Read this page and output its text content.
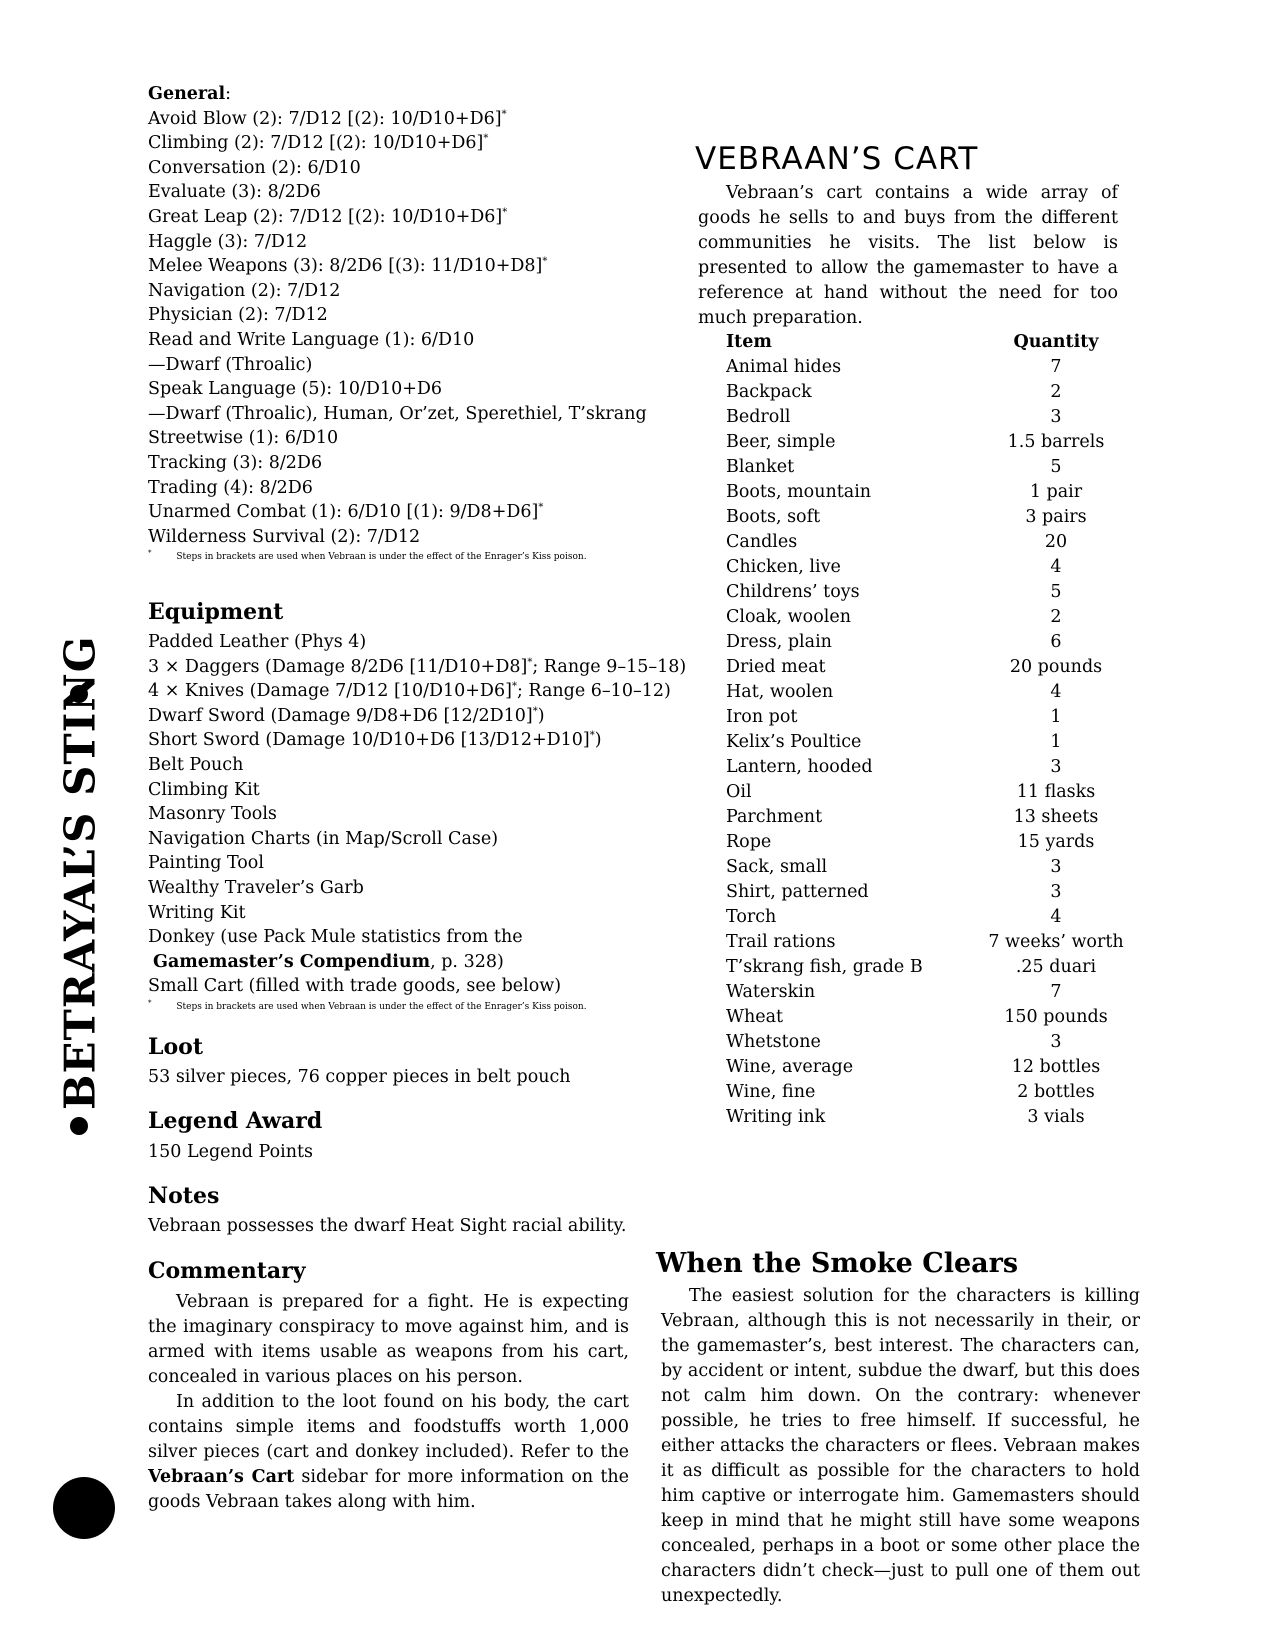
BETRAYAL’S STING
General:
Avoid Blow (2): 7/D12 [(2): 10/D10+D6]*
Climbing (2): 7/D12 [(2): 10/D10+D6]*
Conversation (2): 6/D10
Evaluate (3): 8/2D6
Great Leap (2): 7/D12 [(2): 10/D10+D6]*
Haggle (3): 7/D12
Melee Weapons (3): 8/2D6 [(3): 11/D10+D8]*
Navigation (2): 7/D12
Physician (2): 7/D12
Read and Write Language (1): 6/D10
—Dwarf (Throalic)
Speak Language (5): 10/D10+D6
—Dwarf (Throalic), Human, Or’zet, Sperethiel, T’skrang
Streetwise (1): 6/D10
Tracking (3): 8/2D6
Trading (4): 8/2D6
Unarmed Combat (1): 6/D10 [(1): 9/D8+D6]*
Wilderness Survival (2): 7/D12
*	Steps in brackets are used when Vebraan is under the effect of the Enrager’s Kiss poison.
Equipment
Padded Leather (Phys 4)
3 × Daggers (Damage 8/2D6 [11/D10+D8]*; Range 9–15–18)
4 × Knives (Damage 7/D12 [10/D10+D6]*; Range 6–10–12)
Dwarf Sword (Damage 9/D8+D6 [12/2D10]*)
Short Sword (Damage 10/D10+D6 [13/D12+D10]*)
Belt Pouch
Climbing Kit
Masonry Tools
Navigation Charts (in Map/Scroll Case)
Painting Tool
Wealthy Traveler’s Garb
Writing Kit
Donkey (use Pack Mule statistics from the
Gamemaster’s Compendium, p. 328)
Small Cart (filled with trade goods, see below)
*	Steps in brackets are used when Vebraan is under the effect of the Enrager’s Kiss poison.
Loot
53 silver pieces, 76 copper pieces in belt pouch
Legend Award
150 Legend Points
Notes
Vebraan possesses the dwarf Heat Sight racial ability.
Commentary
Vebraan is prepared for a fight. He is expecting the imaginary conspiracy to move against him, and is armed with items usable as weapons from his cart, concealed in various places on his person.
In addition to the loot found on his body, the cart contains simple items and foodstuffs worth 1,000 silver pieces (cart and donkey included). Refer to the Vebraan’s Cart sidebar for more information on the goods Vebraan takes along with him.
VEBRAAN’S CART
Vebraan’s cart contains a wide array of goods he sells to and buys from the different communities he visits. The list below is presented to allow the gamemaster to have a reference at hand without the need for too much preparation.
Item	Quantity
Animal hides	7
Backpack	2
Bedroll	3
Beer, simple	1.5 barrels
Blanket	5
Boots, mountain	1 pair
Boots, soft	3 pairs
Candles	20
Chicken, live	4
Childrens’ toys	5
Cloak, woolen	2
Dress, plain	6
Dried meat	20 pounds
Hat, woolen	4
Iron pot	1
Kelix’s Poultice	1
Lantern, hooded	3
Oil	11 flasks
Parchment	13 sheets
Rope	15 yards
Sack, small	3
Shirt, patterned	3
Torch	4
Trail rations	7 weeks’ worth
T’skrang fish, grade B	.25 duari
Waterskin	7
Wheat	150 pounds
Whetstone	3
Wine, average	12 bottles
Wine, fine	2 bottles
Writing ink	3 vials
When the Smoke Clears
The easiest solution for the characters is killing Vebraan, although this is not necessarily in their, or the gamemaster’s, best interest. The characters can, by accident or intent, subdue the dwarf, but this does not calm him down. On the contrary: whenever possible, he tries to free himself. If successful, he either attacks the characters or flees. Vebraan makes it as difficult as possible for the characters to hold him captive or interrogate him. Gamemasters should keep in mind that he might still have some weapons concealed, perhaps in a boot or some other place the characters didn’t check—just to pull one of them out unexpectedly.
